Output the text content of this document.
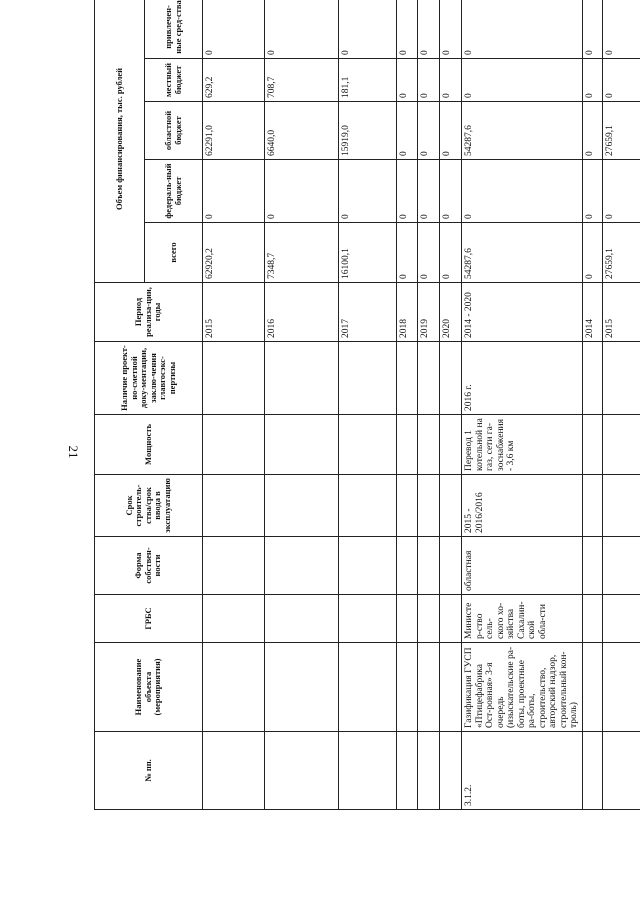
21
№ пп.	Наименование объекта (мероприятия)	ГРБС	Форма собствен-ности	Срок строитель-ства/срок ввода в эксплуатацию	Мощность	Наличие проект-но-сметной доку-ментации, заклю-чения главгосэкс-пертизы	Период реализа-ции, годы	Объем финансирования, тыс. рублей	
								всего	федераль-ный бюджет	областной бюджет	местный бюджет	привлечен-ные сред-ства	
							2015	62920,2	0	62291,0	629,2	0	
							2016	7348,7	0	6640,0	708,7	0	
							2017	16100,1	0	15919,0	181,1	0	
							2018	0	0	0	0	0	
							2019	0	0	0	0	0	
							2020	0	0	0	0	0	
3.1.2.	Газификация ГУСП «Птицефабрика Ост-ровная» 3-я очередь (изыскательские ра-боты, проектные ра-боты, строительство, авторский надзор, строительный кон-троль)	Министер-ство сель-ского хо-зяйства Сахалин-ской обла-сти	областная	2015 - 2016/2016	Перевод 1 котельной на газ, сети га-зоснабжения - 3,6 км	2016 г.	2014 - 2020	54287,6	0	54287,6	0	0	
							2014	0	0	0	0	0	
							2015	27659,1	0	27659,1	0	0	
